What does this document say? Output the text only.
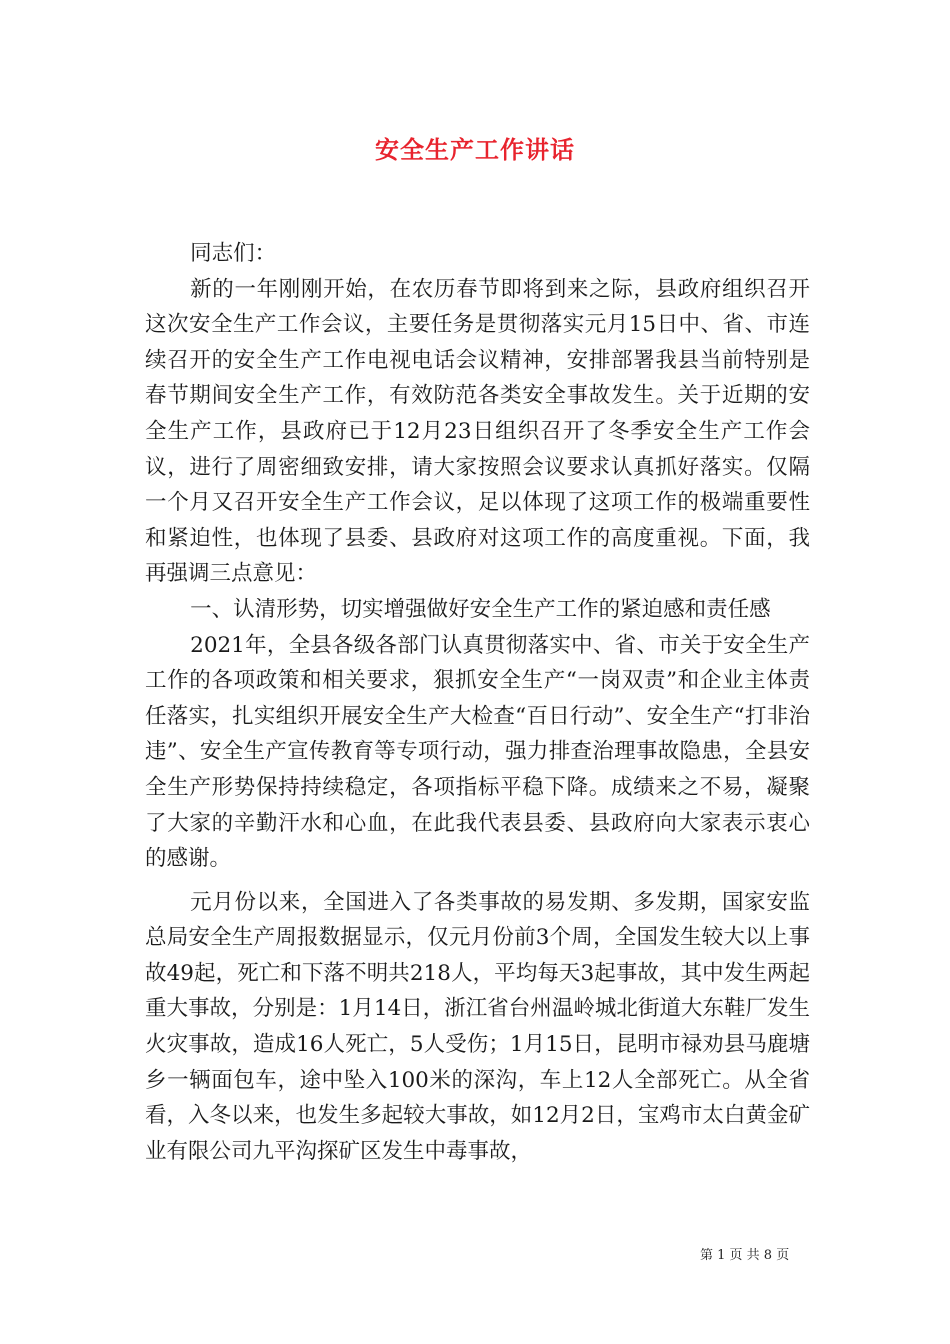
安全生产工作讲话

同志们：

新的一年刚刚开始，在农历春节即将到来之际，县政府组织召开这次安全生产工作会议，主要任务是贯彻落实元月15日中、省、市连续召开的安全生产工作电视电话会议精神，安排部署我县当前特别是春节期间安全生产工作，有效防范各类安全事故发生。关于近期的安全生产工作，县政府已于12月23日组织召开了冬季安全生产工作会议，进行了周密细致安排，请大家按照会议要求认真抓好落实。仅隔一个月又召开安全生产工作会议，足以体现了这项工作的极端重要性和紧迫性，也体现了县委、县政府对这项工作的高度重视。下面，我再强调三点意见：

一、认清形势，切实增强做好安全生产工作的紧迫感和责任感

2021年，全县各级各部门认真贯彻落实中、省、市关于安全生产工作的各项政策和相关要求，狠抓安全生产“一岗双责”和企业主体责任落实，扎实组织开展安全生产大检查“百日行动”、安全生产“打非治违”、安全生产宣传教育等专项行动，强力排查治理事故隐患，全县安全生产形势保持持续稳定，各项指标平稳下降。成绩来之不易，凝聚了大家的辛勤汗水和心血，在此我代表县委、县政府向大家表示衷心的感谢。

元月份以来，全国进入了各类事故的易发期、多发期，国家安监总局安全生产周报数据显示，仅元月份前3个周，全国发生较大以上事故49起，死亡和下落不明共218人，平均每天3起事故，其中发生两起重大事故，分别是：1月14日，浙江省台州温岭城北街道大东鞋厂发生火灾事故，造成16人死亡，5人受伤；1月15日，昆明市禄劝县马鹿塘乡一辆面包车，途中坠入100米的深沟，车上12人全部死亡。从全省看，入冬以来，也发生多起较大事故，如12月2日，宝鸡市太白黄金矿业有限公司九平沟探矿区发生中毒事故，

第 1 页 共 8 页
